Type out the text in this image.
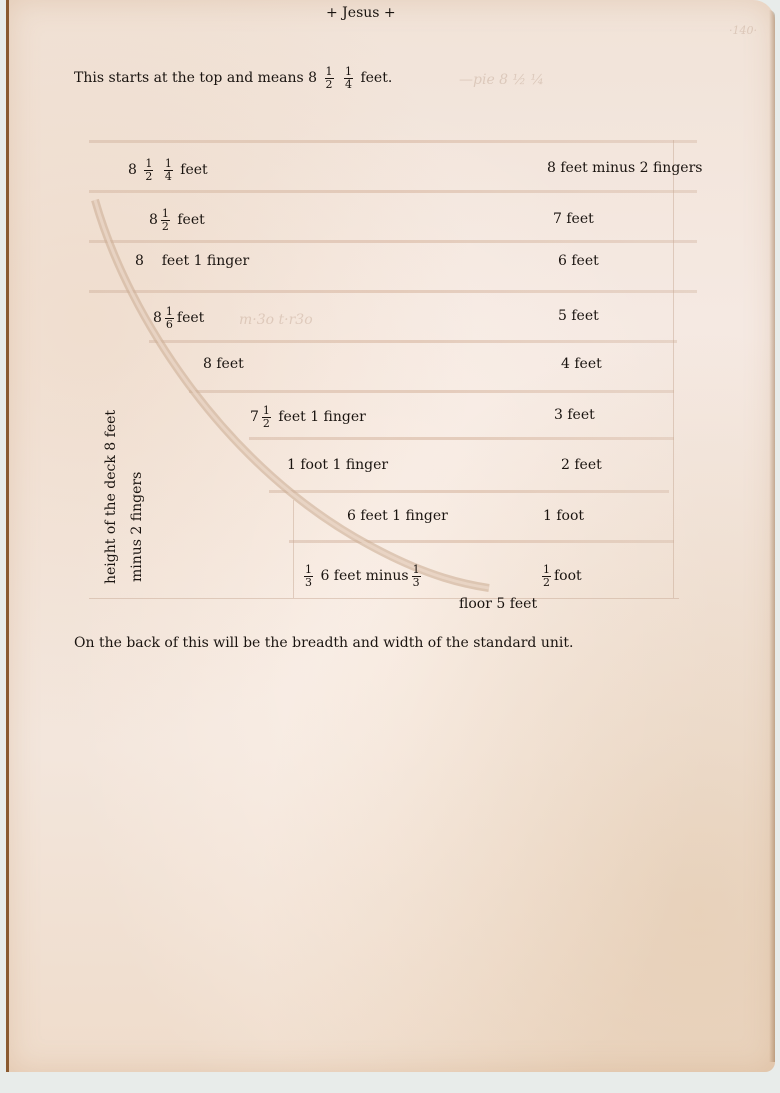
—pie 8 ½ ¼
·140·
m·3o t·r3o
+ Jesus +
This starts at the top and means $8 \frac{1}{2}$
$\frac{1}{4}$ feet.
$8 \frac{1}{2}$
$\frac{1}{4}$ feet
$8 \frac{1}{2}$ feet
8 feet 1 finger
$8 \frac{1}{6}$ feet
8 feet
$7 \frac{1}{2}$ feet 1 finger
1 foot 1 finger
6 feet 1 finger
$\frac{1}{3} 6$ feet minus $\frac{1}{3}$
8 feet minus 2 fingers
7 feet
6 feet
5 feet
4 feet
3 feet
2 feet
1 foot
$\frac{1}{2}$ foot
floor 5 feet
height of the deck 8 feet minus 2 fingers
On the back of this will be the breadth and width of the standard unit.
